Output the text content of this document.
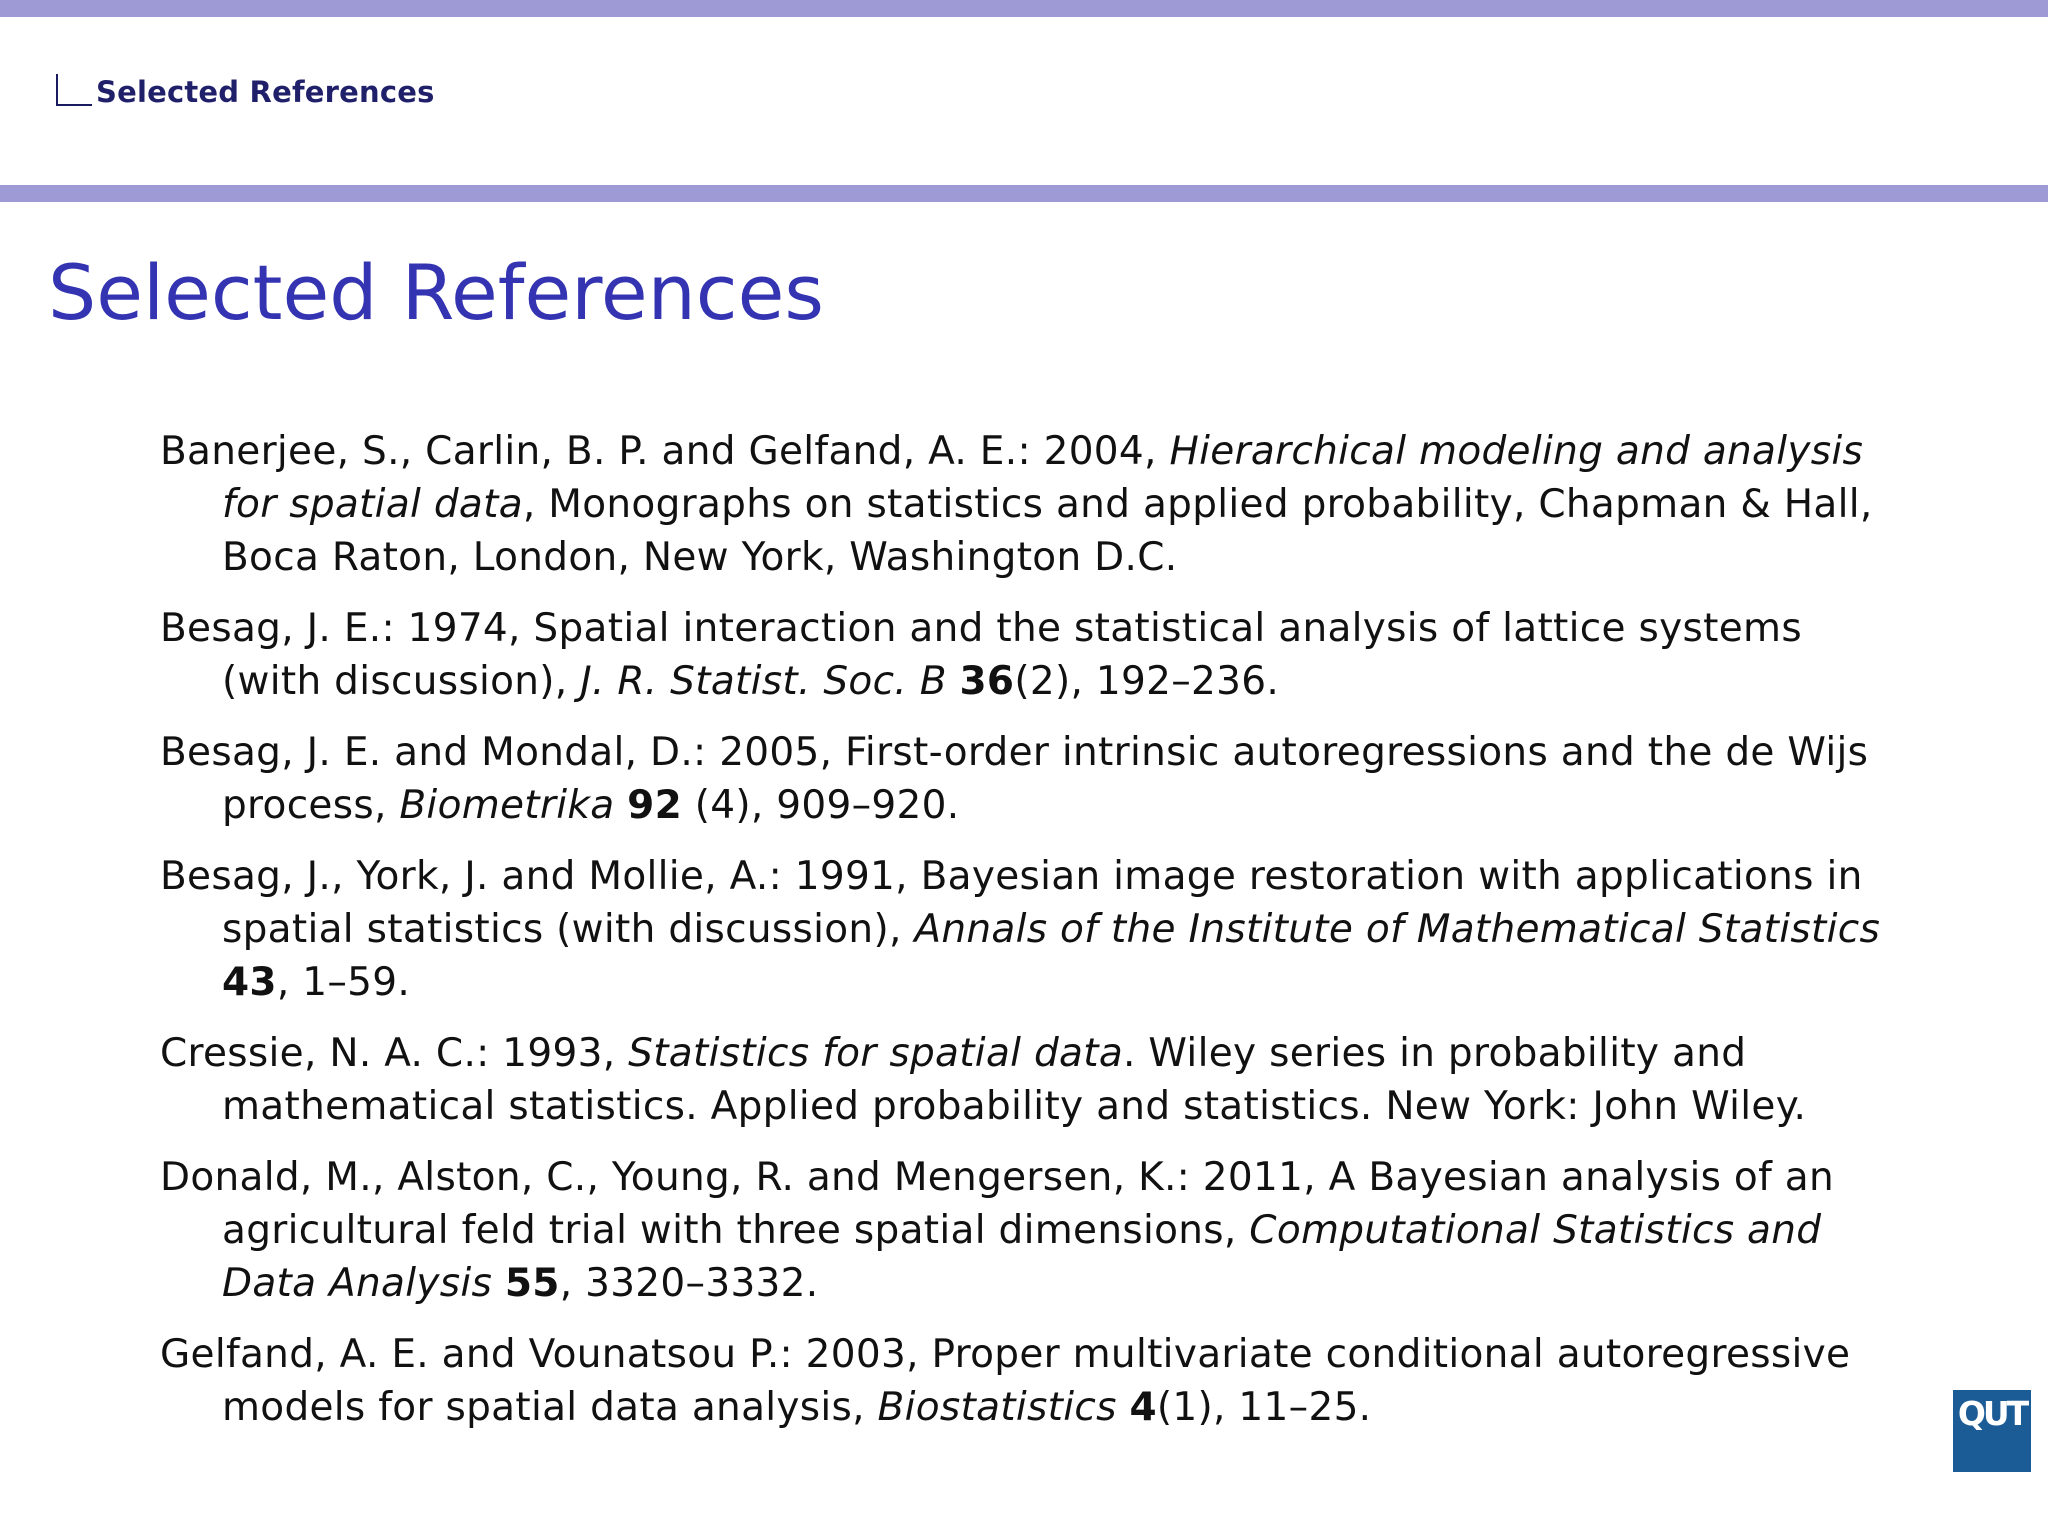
Selected References
Selected References
Banerjee, S., Carlin, B. P. and Gelfand, A. E.: 2004, Hierarchical modeling and analysis for spatial data, Monographs on statistics and applied probability, Chapman & Hall, Boca Raton, London, New York, Washington D.C.
Besag, J. E.: 1974, Spatial interaction and the statistical analysis of lattice systems (with discussion), J. R. Statist. Soc. B 36(2), 192–236.
Besag, J. E. and Mondal, D.: 2005, First-order intrinsic autoregressions and the de Wijs process, Biometrika 92 (4), 909–920.
Besag, J., York, J. and Mollie, A.: 1991, Bayesian image restoration with applications in spatial statistics (with discussion), Annals of the Institute of Mathematical Statistics 43, 1–59.
Cressie, N. A. C.: 1993, Statistics for spatial data. Wiley series in probability and mathematical statistics. Applied probability and statistics. New York: John Wiley.
Donald, M., Alston, C., Young, R. and Mengersen, K.: 2011, A Bayesian analysis of an agricultural feld trial with three spatial dimensions, Computational Statistics and Data Analysis 55, 3320–3332.
Gelfand, A. E. and Vounatsou P.: 2003, Proper multivariate conditional autoregressive models for spatial data analysis, Biostatistics 4(1), 11–25.	QUT
